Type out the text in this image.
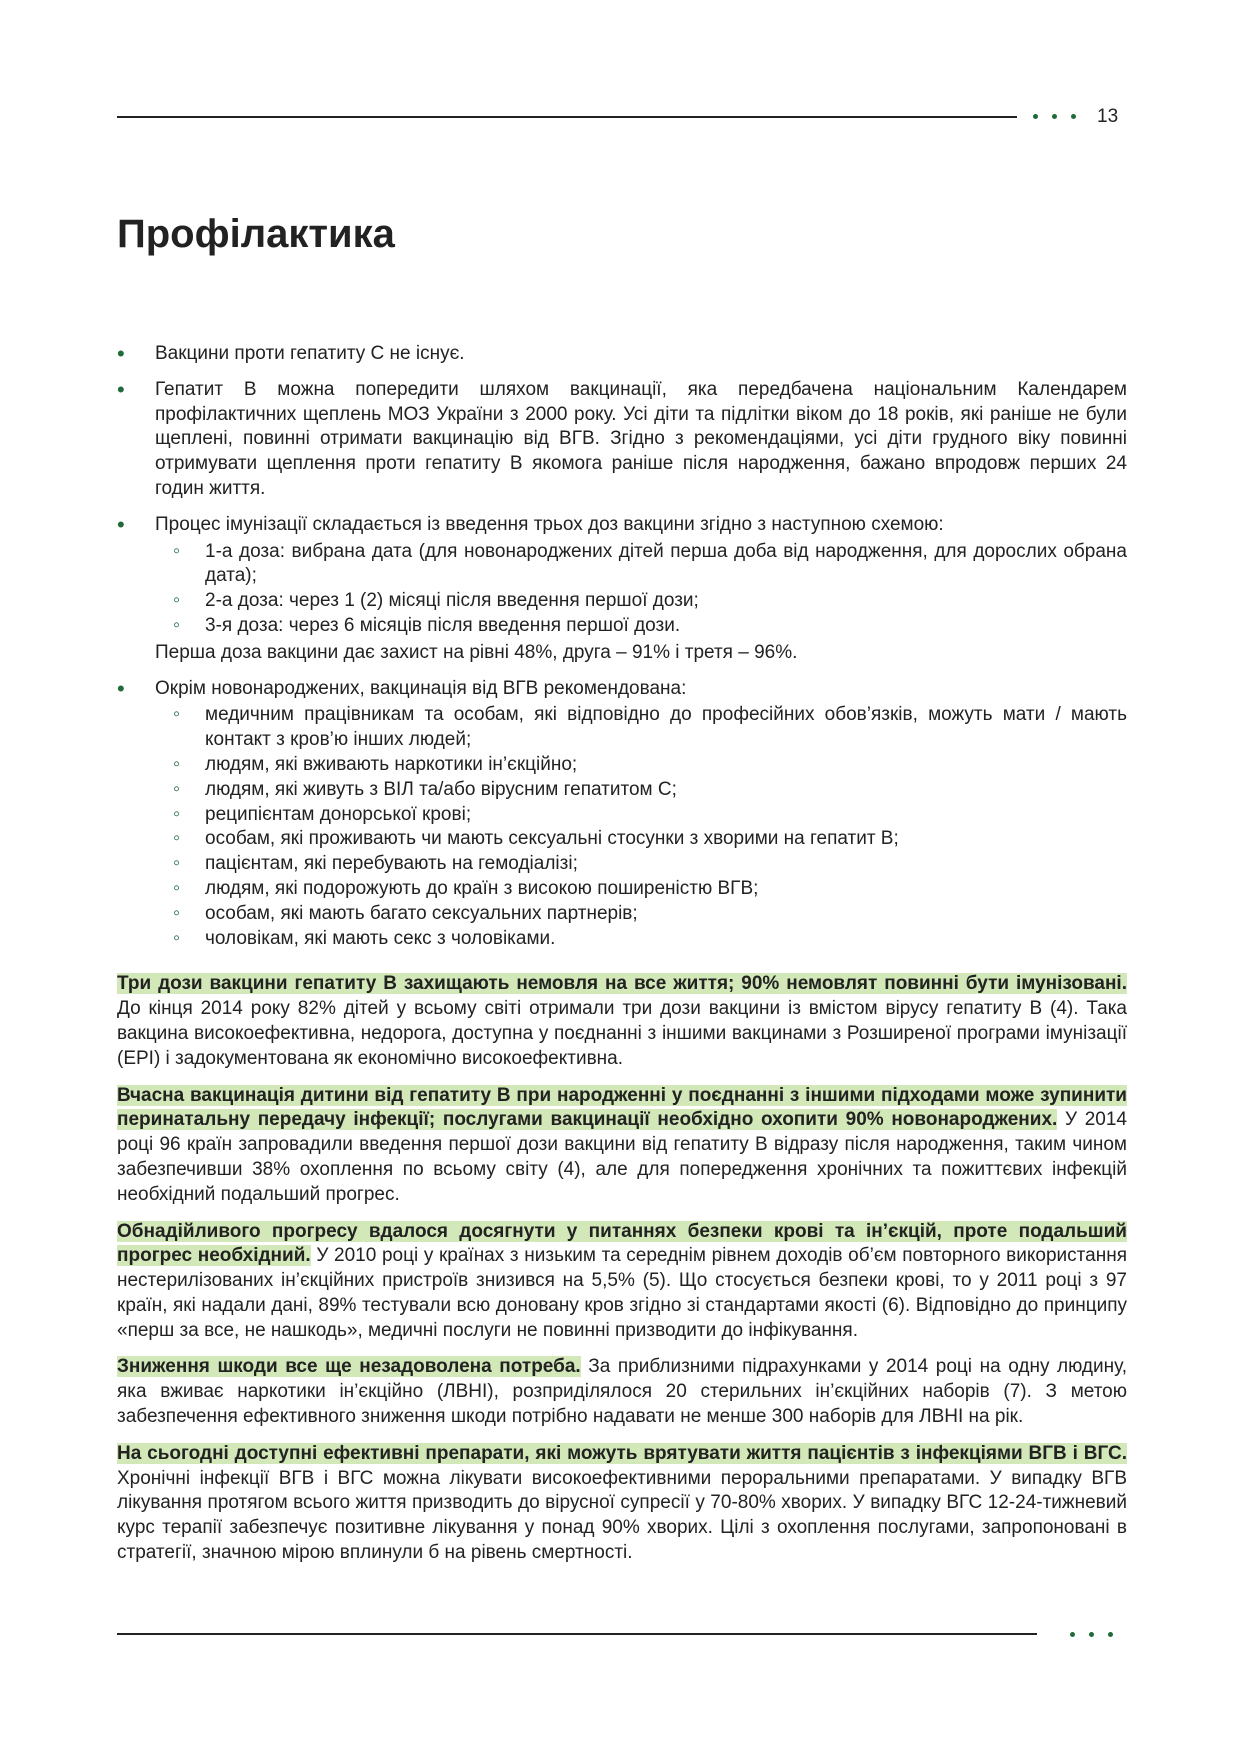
13
Профілактика
• Вакцини проти гепатиту С не існує.
• Гепатит В можна попередити шляхом вакцинації, яка передбачена національним Календарем профілактичних щеплень МОЗ України з 2000 року. Усі діти та підлітки віком до 18 років, які раніше не були щеплені, повинні отримати вакцинацію від ВГВ. Згідно з рекомендаціями, усі діти грудного віку повинні отримувати щеплення проти гепатиту В якомога раніше після народження, бажано впродовж перших 24 годин життя.
• Процес імунізації складається із введення трьох доз вакцини згідно з наступною схемою:
◦ 1-а доза: вибрана дата (для новонароджених дітей перша доба від народження, для дорослих обрана дата);
◦ 2-а доза: через 1 (2) місяці після введення першої дози;
◦ 3-я доза: через 6 місяців після введення першої дози.
Перша доза вакцини дає захист на рівні 48%, друга – 91% і третя – 96%.
• Окрім новонароджених, вакцинація від ВГВ рекомендована:
◦ медичним працівникам та особам, які відповідно до професійних обов’язків, можуть мати / мають контакт з кров’ю інших людей;
◦ людям, які вживають наркотики ін’єкційно;
◦ людям, які живуть з ВІЛ та/або вірусним гепатитом С;
◦ реципієнтам донорської крові;
◦ особам, які проживають чи мають сексуальні стосунки з хворими на гепатит В;
◦ пацієнтам, які перебувають на гемодіалізі;
◦ людям, які подорожують до країн з високою поширеністю ВГВ;
◦ особам, які мають багато сексуальних партнерів;
◦ чоловікам, які мають секс з чоловіками.

Три дози вакцини гепатиту В захищають немовля на все життя; 90% немовлят повинні бути імунізовані. До кінця 2014 року 82% дітей у всьому світі отримали три дози вакцини із вмістом вірусу гепатиту В (4). Така вакцина високоефективна, недорога, доступна у поєднанні з іншими вакцинами з Розширеної програми імунізації (EPI) і задокументована як економічно високоефективна.

Вчасна вакцинація дитини від гепатиту В при народженні у поєднанні з іншими підходами може зупинити перинатальну передачу інфекції; послугами вакцинації необхідно охопити 90% новонароджених. У 2014 році 96 країн запровадили введення першої дози вакцини від гепатиту В відразу після народження, таким чином забезпечивши 38% охоплення по всьому світу (4), але для попередження хронічних та пожиттєвих інфекцій необхідний подальший прогрес.

Обнадійливого прогресу вдалося досягнути у питаннях безпеки крові та ін’єкцій, проте подальший прогрес необхідний. У 2010 році у країнах з низьким та середнім рівнем доходів об’єм повторного використання нестерилізованих ін’єкційних пристроїв знизився на 5,5% (5). Що стосується безпеки крові, то у 2011 році з 97 країн, які надали дані, 89% тестували всю доновану кров згідно зі стандартами якості (6). Відповідно до принципу «перш за все, не нашкодь», медичні послуги не повинні призводити до інфікування.

Зниження шкоди все ще незадоволена потреба. За приблизними підрахунками у 2014 році на одну людину, яка вживає наркотики ін’єкційно (ЛВНІ), розприділялося 20 стерильних ін’єкційних наборів (7). З метою забезпечення ефективного зниження шкоди потрібно надавати не менше 300 наборів для ЛВНІ на рік.

На сьогодні доступні ефективні препарати, які можуть врятувати життя пацієнтів з інфекціями ВГВ і ВГС. Хронічні інфекції ВГВ і ВГС можна лікувати високоефективними пероральними препаратами. У випадку ВГВ лікування протягом всього життя призводить до вірусної супресії у 70-80% хворих. У випадку ВГС 12-24-тижневий курс терапії забезпечує позитивне лікування у понад 90% хворих. Цілі з охоплення послугами, запропоновані в стратегії, значною мірою вплинули б на рівень смертності.
